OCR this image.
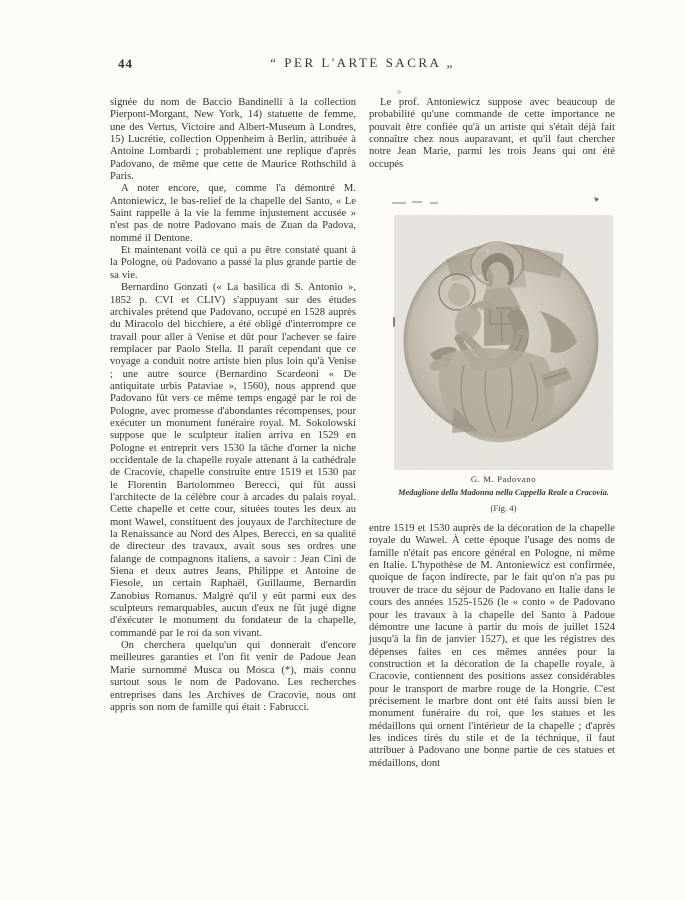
44	“ PER L'ARTE SACRA „

signée du nom de Baccio Bandinelli à la collection Pierpont-Morgant, New York, 14) statuette de femme, une des Vertus, Victoire and Albert-Museum à Londres, 15) Lucrétie, collection Oppenheim à Berlin, attribuée à Antoine Lombardi ; probablement une replique d'après Padovano, de même que cette de Maurice Rothschild à Paris.

A noter encore, que, comme l'a démontré M. Antoniewicz, le bas-relief de la chapelle del Santo, « Le Saint rappelle à la vie la femme injustement accusée » n'est pas de notre Padovano mais de Zuan da Padova, nommé il Dentone.

Et maintenant voilà ce qui a pu être constaté quant à la Pologne, où Padovano a passé la plus grande partie de sa vie.

Bernardino Gonzati (« La basilica di S. Antonio », 1852 p. CVI et CLIV) s'appuyant sur des études archivales prétend que Padovano, occupé en 1528 auprès du Miracolo del bicchiere, a été obligé d'interrompre ce travail pour aller à Venise et dût pour l'achever se faire remplacer par Paolo Stella. Il paraît cependant que ce voyage a conduit notre artiste bien plus loin qu'à Venise ; une autre source (Bernardino Scardeoni « De antiquitate urbis Pataviae », 1560), nous apprend que Padovano fût vers ce même temps engagé par le roi de Pologne, avec promesse d'abondantes récompenses, pour exécuter un monument funéraire royal. M. Sokolowski suppose que le sculpteur italien arriva en 1529 en Pologne et entreprit vers 1530 la tâche d'orner la niche occidentale de la chapelle royale attenant à la cathédrale de Cracovie, chapelle construite entre 1519 et 1530 par le Florentin Bartolommeo Berecci, qui fût aussi l'architecte de la célèbre cour à arcades du palais royal. Cette chapelle et cette cour, situées toutes les deux au mont Wawel, constituent des jouyaux de l'architecture de la Renaissance au Nord des Alpes. Berecci, en sa qualité de directeur des travaux, avait sous ses ordres une falange de compagnons italiens, a savoir : Jean Cini de Siena et deux autres Jeans, Philippe et Antoine de Fiesole, un certain Raphaël, Guillaume, Bernardin Zanobius Romanus. Malgré qu'il y eût parmi eux des sculpteurs remarquables, aucun d'eux ne fût jugé digne d'éxécuter le monument du fondateur de la chapelle, commandé par le roi da son vivant.

On cherchera quelqu'un qui donnerait d'encore meilleures garanties et l'on fit venir de Padoue Jean Marie surnommé Musca ou Mosca (*), mais connu surtout sous le nom de Padovano. Les recherches entreprises dans les Archives de Cracovie, nous ont appris son nom de famille qui était : Fabrucci.

Le prof. Antoniewicz suppose avec beaucoup de probabilité qu'une commande de cette importance ne pouvait être confiée qu'à un artiste qui s'était déjà fait connaître chez nous auparavant, et qu'il faut chercher notre Jean Marie, parmi les trois Jeans qui ont été occupés

G. M. Padovano
Medaglione della Madonna nella Cappella Reale a Cracovia.
(Fig. 4)

entre 1519 et 1530 auprès de la décoration de la chapelle royale du Wawel. À cette époque l'usage des noms de famille n'était pas encore général en Pologne, ni même en Italie. L'hypothèse de M. Antoniewicz est confirmée, quoique de façon indirecte, par le fait qu'on n'a pas pu trouver de trace du séjour de Padovano en Italie dans le cours des années 1525-1526 (le « conto » de Padovano pour les travaux à la chapelle del Santo à Padoue démontre une lacune à partir du mois de juillet 1524 jusqu'à la fin de janvier 1527), et que les régistres des dépenses faites en ces mêmes années pour la construction et la décoration de la chapelle royale, à Cracovie, contiennent des positions assez considérables pour le transport de marbre rouge de la Hongrie. C'est précisement le marbre dont ont été faits aussi bien le monument funéraire du roi, que les statues et les médaillons qui ornent l'intérieur de la chapelle ; d'après les indices tirés du stile et de la téchnique, il faut attribuer à Padovano une bonne partie de ces statues et médaillons, dont
